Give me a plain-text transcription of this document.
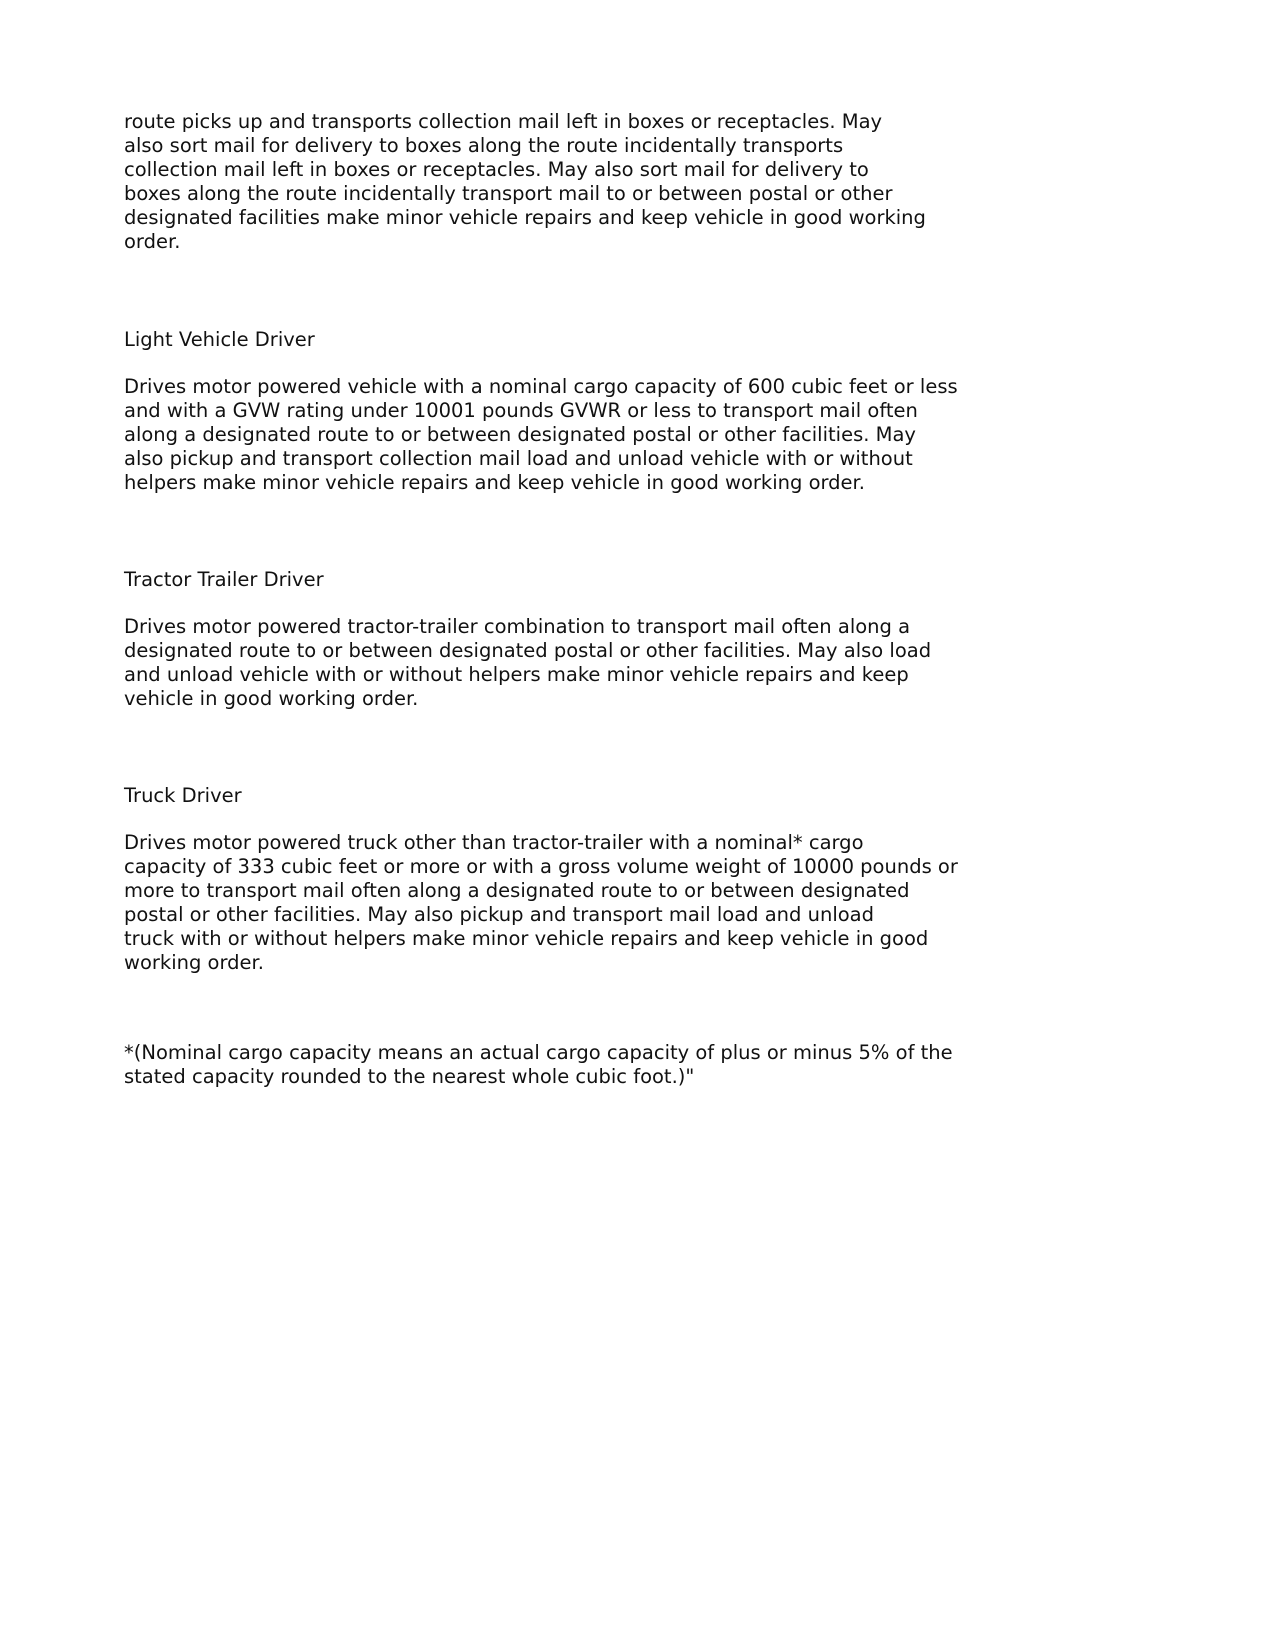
route picks up and transports collection mail left in boxes or receptacles. May
also sort mail for delivery to boxes along the route incidentally transports
collection mail left in boxes or receptacles. May also sort mail for delivery to
boxes along the route incidentally transport mail to or between postal or other
designated facilities make minor vehicle repairs and keep vehicle in good working
order.

Light Vehicle Driver

Drives motor powered vehicle with a nominal cargo capacity of 600 cubic feet or less
and with a GVW rating under 10001 pounds GVWR or less to transport mail often
along a designated route to or between designated postal or other facilities. May
also pickup and transport collection mail load and unload vehicle with or without
helpers make minor vehicle repairs and keep vehicle in good working order.

Tractor Trailer Driver

Drives motor powered tractor-trailer combination to transport mail often along a
designated route to or between designated postal or other facilities. May also load
and unload vehicle with or without helpers make minor vehicle repairs and keep
vehicle in good working order.

Truck Driver

Drives motor powered truck other than tractor-trailer with a nominal* cargo
capacity of 333 cubic feet or more or with a gross volume weight of 10000 pounds or
more to transport mail often along a designated route to or between designated
postal or other facilities. May also pickup and transport mail load and unload
truck with or without helpers make minor vehicle repairs and keep vehicle in good
working order.

*(Nominal cargo capacity means an actual cargo capacity of plus or minus 5% of the
stated capacity rounded to the nearest whole cubic foot.)"
